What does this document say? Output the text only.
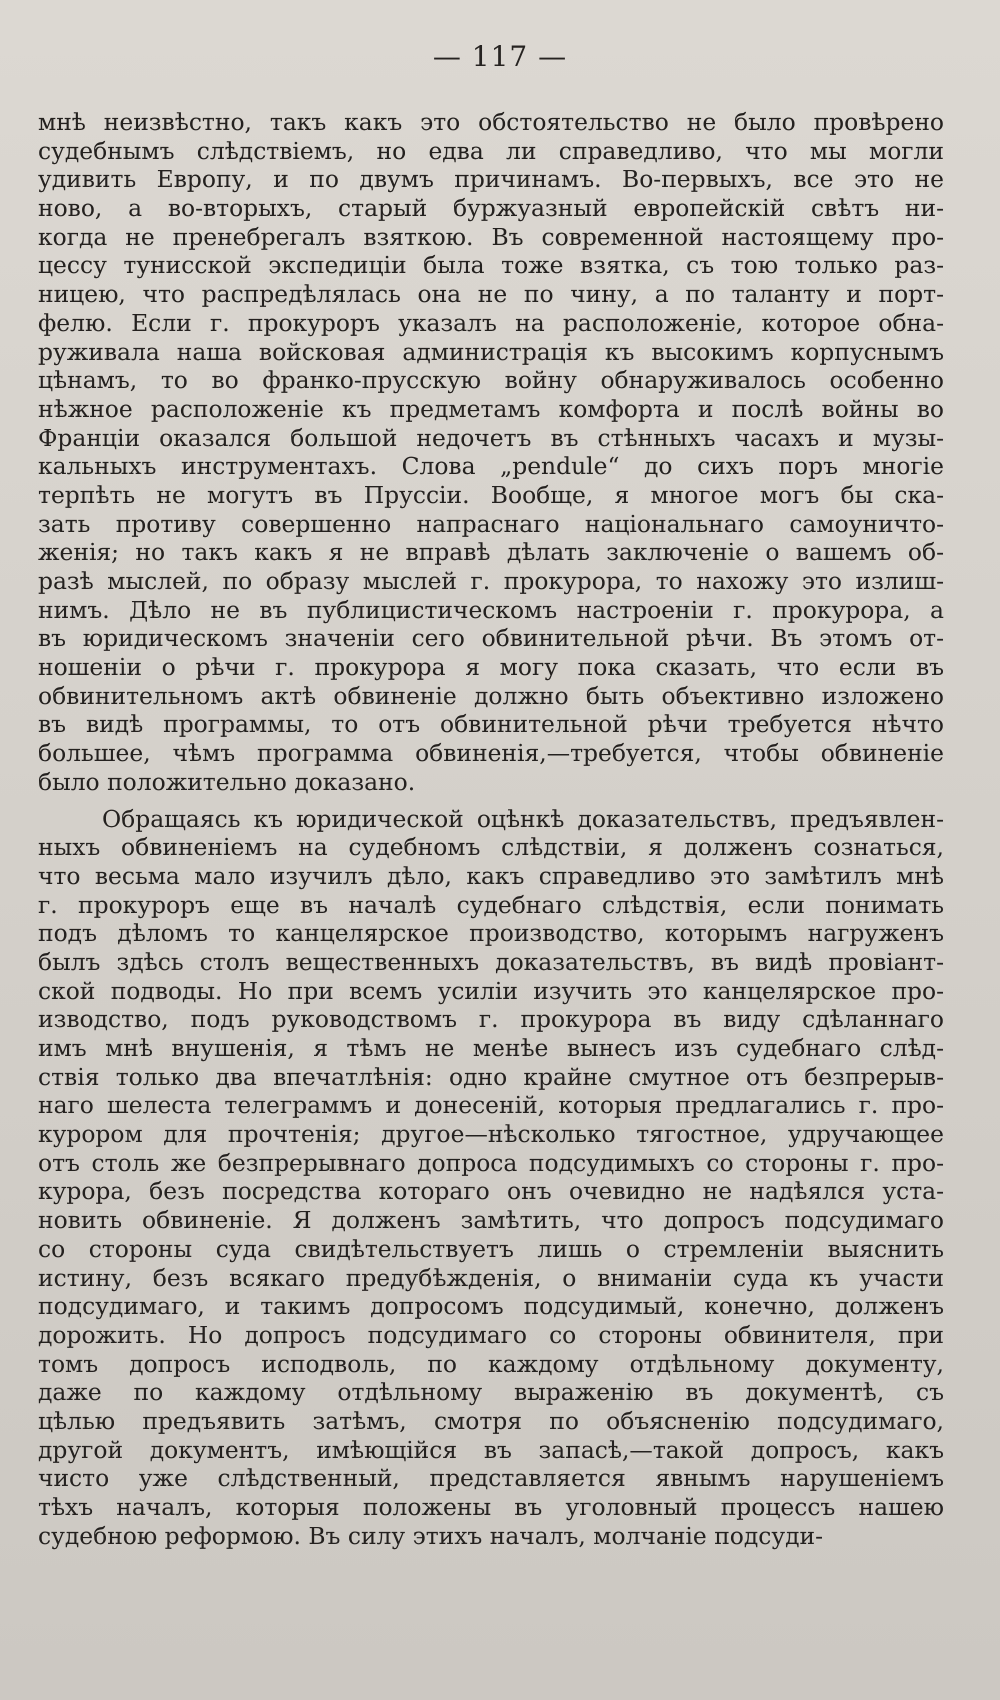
— 117 —
мнѣ неизвѣстно, такъ какъ это обстоятельство не было провѣрено
судебнымъ слѣдствіемъ, но едва ли справедливо, что мы могли
удивить Европу, и по двумъ причинамъ. Во-первыхъ, все это не
ново, а во-вторыхъ, старый буржуазный европейскій свѣтъ ни-
когда не пренебрегалъ взяткою. Въ современной настоящему про-
цессу тунисской экспедиціи была тоже взятка, съ тою только раз-
ницею, что распредѣлялась она не по чину, а по таланту и порт-
фелю. Если г. прокуроръ указалъ на расположеніе, которое обна-
руживала наша войсковая администрація къ высокимъ корпуснымъ
цѣнамъ, то во франко-прусскую войну обнаруживалось особенно
нѣжное расположеніе къ предметамъ комфорта и послѣ войны во
Франціи оказался большой недочетъ въ стѣнныхъ часахъ и музы-
кальныхъ инструментахъ. Слова „pendule“ до сихъ поръ многіе
терпѣть не могутъ въ Пруссіи. Вообще, я многое могъ бы ска-
зать противу совершенно напраснаго національнаго самоуничто-
женія; но такъ какъ я не вправѣ дѣлать заключеніе о вашемъ об-
разѣ мыслей, по образу мыслей г. прокурора, то нахожу это излиш-
нимъ. Дѣло не въ публицистическомъ настроеніи г. прокурора, а
въ юридическомъ значеніи сего обвинительной рѣчи. Въ этомъ от-
ношеніи о рѣчи г. прокурора я могу пока сказать, что если въ
обвинительномъ актѣ обвиненіе должно быть объективно изложено
въ видѣ программы, то отъ обвинительной рѣчи требуется нѣчто
большее, чѣмъ программа обвиненія,—требуется, чтобы обвиненіе
было положительно доказано.
Обращаясь къ юридической оцѣнкѣ доказательствъ, предъявлен-
ныхъ обвиненіемъ на судебномъ слѣдствіи, я долженъ сознаться,
что весьма мало изучилъ дѣло, какъ справедливо это замѣтилъ мнѣ
г. прокуроръ еще въ началѣ судебнаго слѣдствія, если понимать
подъ дѣломъ то канцелярское производство, которымъ нагруженъ
былъ здѣсь столъ вещественныхъ доказательствъ, въ видѣ провіант-
ской подводы. Но при всемъ усиліи изучить это канцелярское про-
изводство, подъ руководствомъ г. прокурора въ виду сдѣланнаго
имъ мнѣ внушенія, я тѣмъ не менѣе вынесъ изъ судебнаго слѣд-
ствія только два впечатлѣнія: одно крайне смутное отъ безпрерыв-
наго шелеста телеграммъ и донесеній, которыя предлагались г. про-
курором для прочтенія; другое—нѣсколько тягостное, удручающее
отъ столь же безпрерывнаго допроса подсудимыхъ со стороны г. про-
курора, безъ посредства котораго онъ очевидно не надѣялся уста-
новить обвиненіе. Я долженъ замѣтить, что допросъ подсудимаго
со стороны суда свидѣтельствуетъ лишь о стремленіи выяснить
истину, безъ всякаго предубѣжденія, о вниманіи суда къ участи
подсудимаго, и такимъ допросомъ подсудимый, конечно, долженъ
дорожить. Но допросъ подсудимаго со стороны обвинителя, при
томъ допросъ исподволь, по каждому отдѣльному документу,
даже по каждому отдѣльному выраженію въ документѣ, съ
цѣлью предъявить затѣмъ, смотря по объясненію подсудимаго,
другой документъ, имѣющійся въ запасѣ,—такой допросъ, какъ
чисто уже слѣдственный, представляется явнымъ нарушеніемъ
тѣхъ началъ, которыя положены въ уголовный процессъ нашею
судебною реформою. Въ силу этихъ началъ, молчаніе подсуди-
